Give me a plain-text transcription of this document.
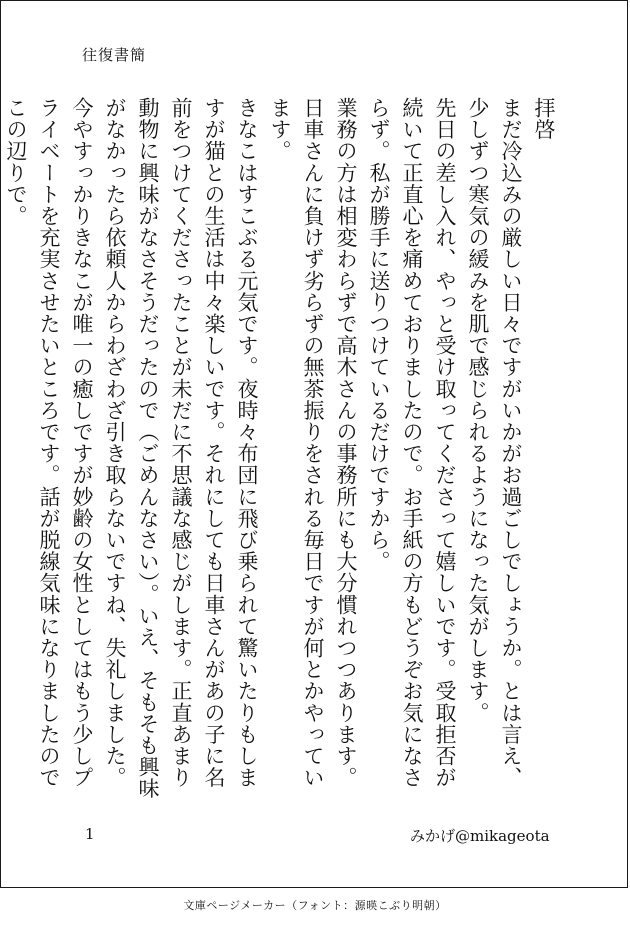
往復書簡

拝啓

まだ冷込みの厳しい日々ですがいかがお過ごしでしょうか。とは言え、少しずつ寒気の緩みを肌で感じられるようになった気がします。

先日の差し入れ、やっと受け取ってくださって嬉しいです。受取拒否が続いて正直心を痛めておりましたので。お手紙の方もどうぞお気になさらず。私が勝手に送りつけているだけですから。

業務の方は相変わらずで高木さんの事務所にも大分慣れつつあります。日車さんに負けず劣らずの無茶振りをされる毎日ですが何とかやっています。

きなこはすこぶる元気です。夜時々布団に飛び乗られて驚いたりもしますが猫との生活は中々楽しいです。それにしても日車さんがあの子に名前をつけてくださったことが未だに不思議な感じがします。正直あまり動物に興味がなさそうだったので（ごめんなさい）。いえ、そもそも興味がなかったら依頼人からわざわざ引き取らないですね、失礼しました。

今やすっかりきなこが唯一の癒しですが妙齢の女性としてはもう少しプライベートを充実させたいところです。話が脱線気味になりましたのでこの辺りで。

1	みかげ@mikageota
文庫ページメーカー（フォント：源暎こぶり明朝）
